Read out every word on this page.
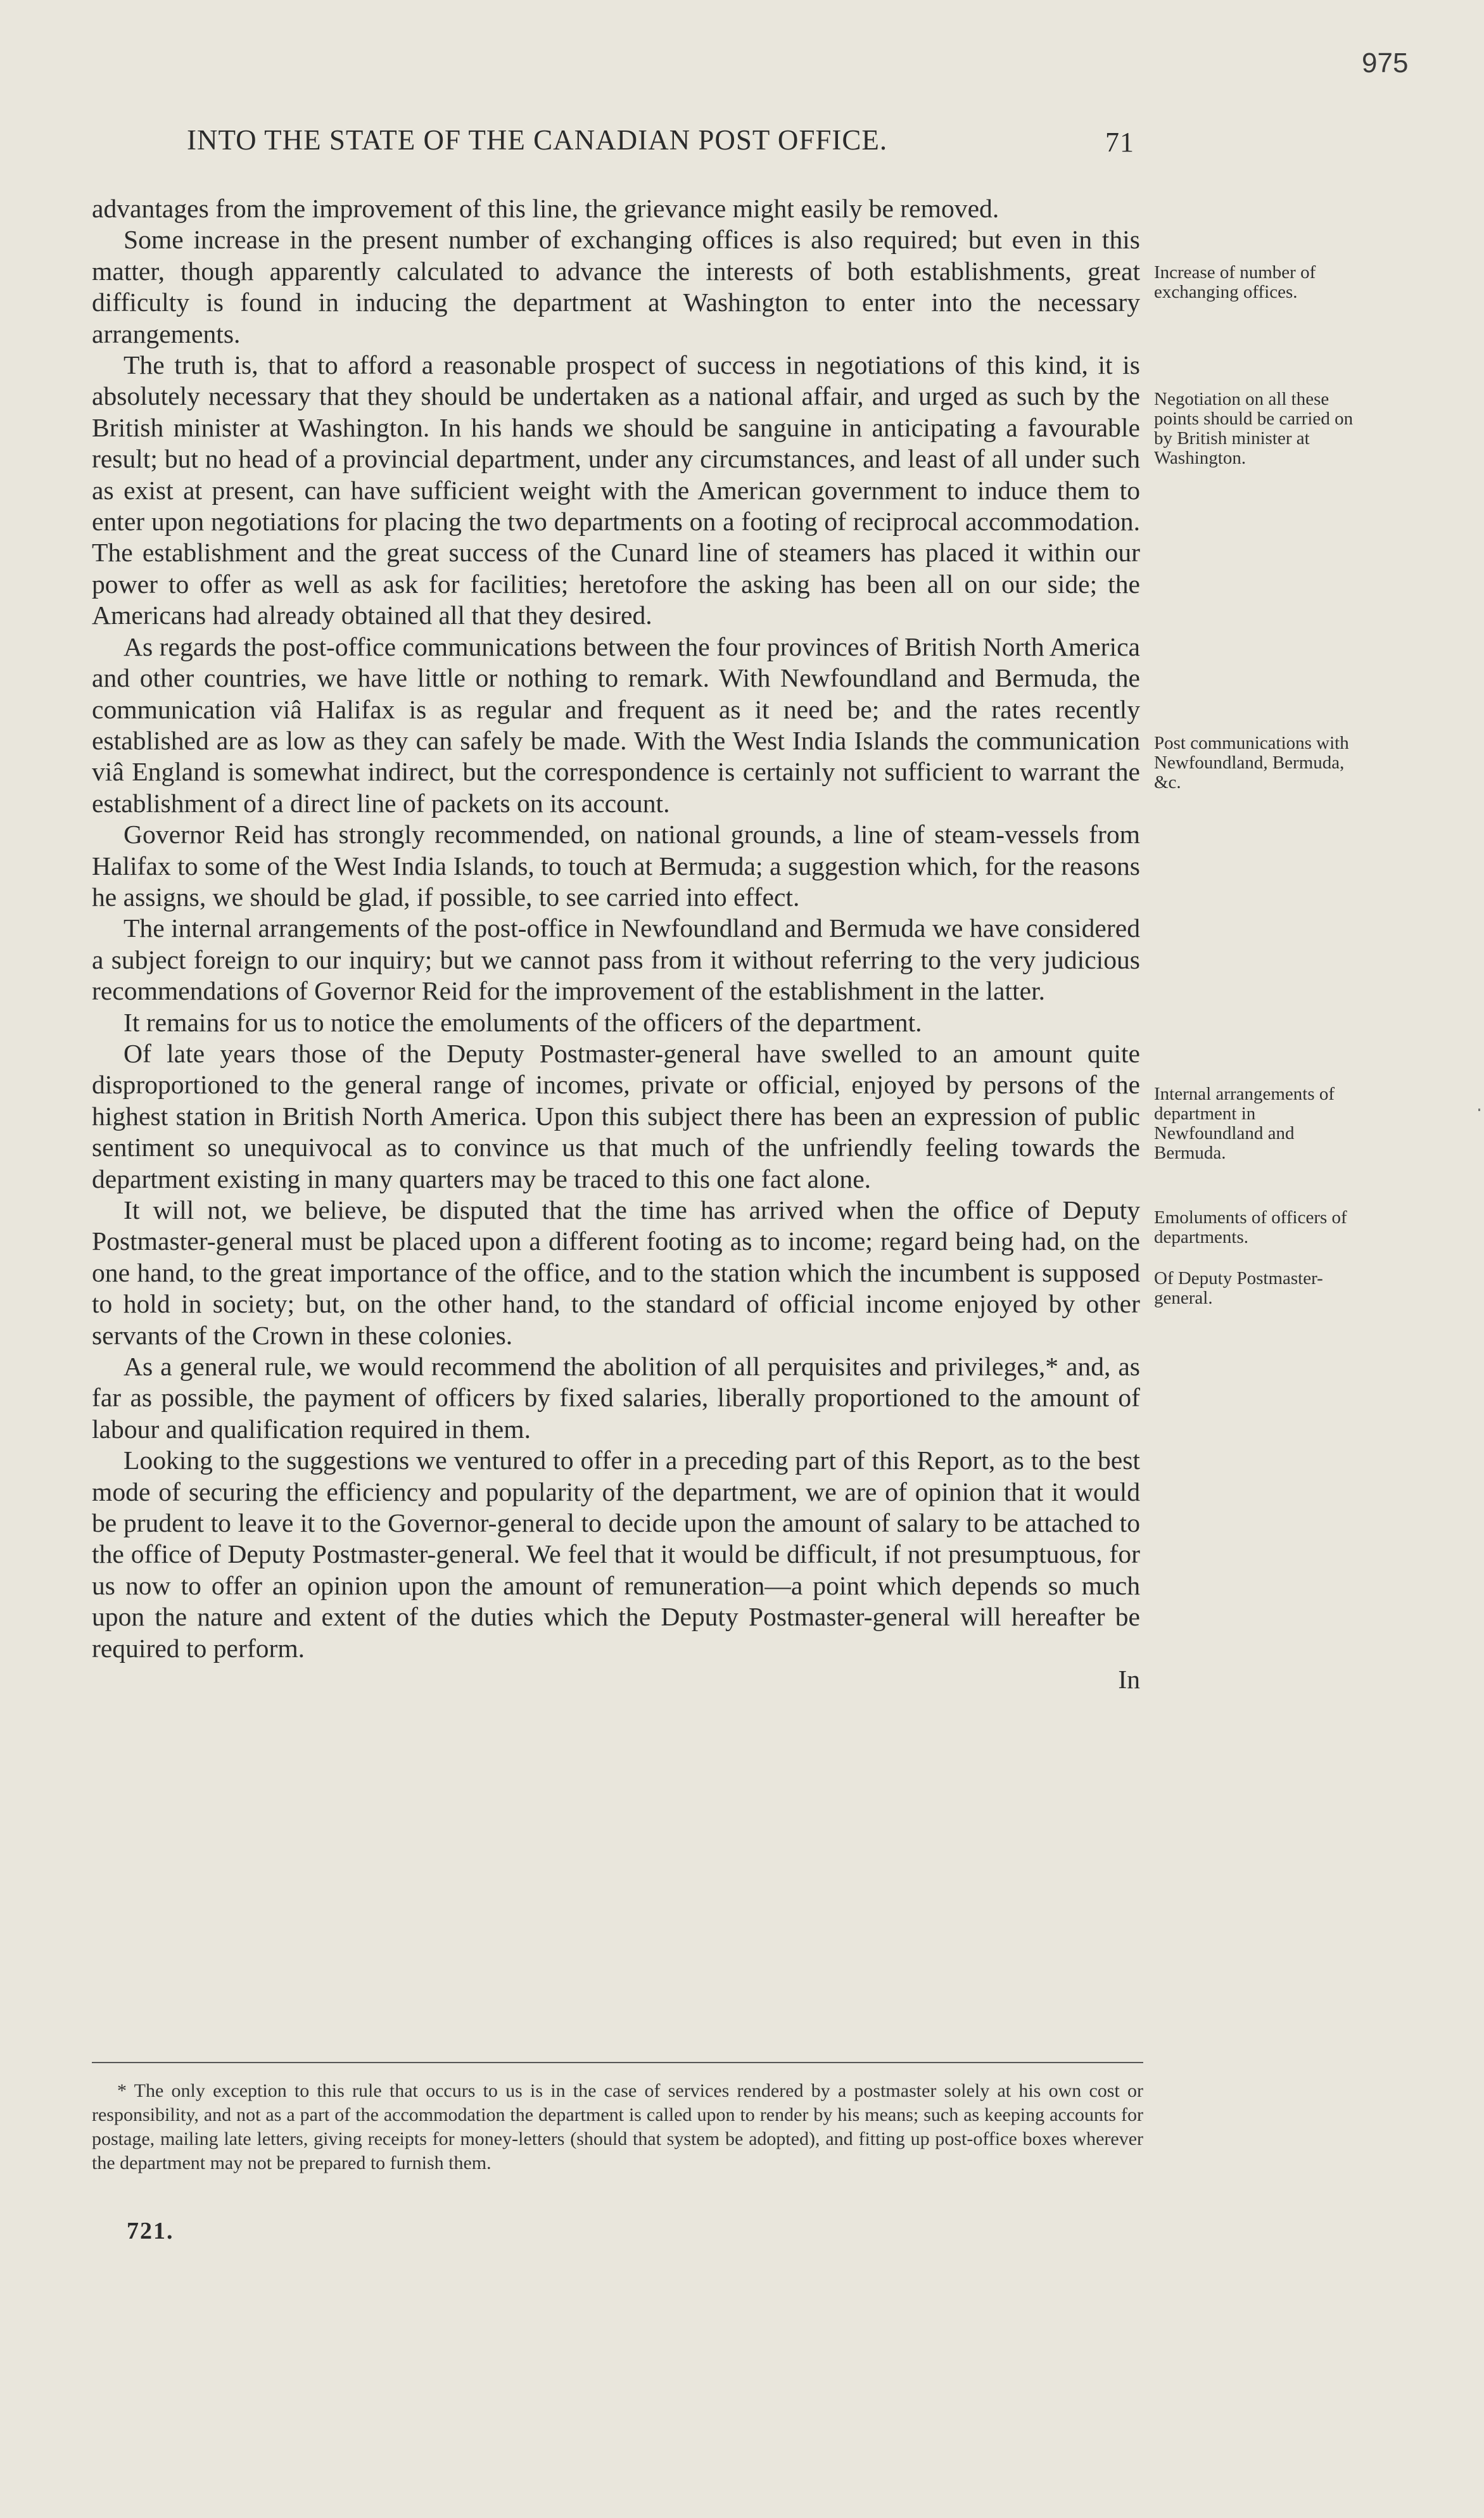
975
INTO THE STATE OF THE CANADIAN POST OFFICE.	71

advantages from the improvement of this line, the grievance might easily be removed.

Some increase in the present number of exchanging offices is also required; but even in this matter, though apparently calculated to advance the interests of both establishments, great difficulty is found in inducing the department at Washington to enter into the necessary arrangements.

The truth is, that to afford a reasonable prospect of success in negotiations of this kind, it is absolutely necessary that they should be undertaken as a national affair, and urged as such by the British minister at Washington. In his hands we should be sanguine in anticipating a favourable result; but no head of a provincial department, under any circumstances, and least of all under such as exist at present, can have sufficient weight with the American government to induce them to enter upon negotiations for placing the two departments on a footing of reciprocal accommodation. The establishment and the great success of the Cunard line of steamers has placed it within our power to offer as well as ask for facilities; heretofore the asking has been all on our side; the Americans had already obtained all that they desired.

As regards the post-office communications between the four provinces of British North America and other countries, we have little or nothing to remark. With Newfoundland and Bermuda, the communication viâ Halifax is as regular and frequent as it need be; and the rates recently established are as low as they can safely be made. With the West India Islands the communication viâ England is somewhat indirect, but the correspondence is certainly not sufficient to warrant the establishment of a direct line of packets on its account.

Governor Reid has strongly recommended, on national grounds, a line of steam-vessels from Halifax to some of the West India Islands, to touch at Bermuda; a suggestion which, for the reasons he assigns, we should be glad, if possible, to see carried into effect.

The internal arrangements of the post-office in Newfoundland and Bermuda we have considered a subject foreign to our inquiry; but we cannot pass from it without referring to the very judicious recommendations of Governor Reid for the improvement of the establishment in the latter.

It remains for us to notice the emoluments of the officers of the department.

Of late years those of the Deputy Postmaster-general have swelled to an amount quite disproportioned to the general range of incomes, private or official, enjoyed by persons of the highest station in British North America. Upon this subject there has been an expression of public sentiment so unequivocal as to convince us that much of the unfriendly feeling towards the department existing in many quarters may be traced to this one fact alone.

It will not, we believe, be disputed that the time has arrived when the office of Deputy Postmaster-general must be placed upon a different footing as to income; regard being had, on the one hand, to the great importance of the office, and to the station which the incumbent is supposed to hold in society; but, on the other hand, to the standard of official income enjoyed by other servants of the Crown in these colonies.

As a general rule, we would recommend the abolition of all perquisites and privileges,* and, as far as possible, the payment of officers by fixed salaries, liberally proportioned to the amount of labour and qualification required in them.

Looking to the suggestions we ventured to offer in a preceding part of this Report, as to the best mode of securing the efficiency and popularity of the department, we are of opinion that it would be prudent to leave it to the Governor-general to decide upon the amount of salary to be attached to the office of Deputy Postmaster-general. We feel that it would be difficult, if not presumptuous, for us now to offer an opinion upon the amount of remuneration—a point which depends so much upon the nature and extent of the duties which the Deputy Postmaster-general will hereafter be required to perform.

In

Increase of number of exchanging offices.
Negotiation on all these points should be carried on by British minister at Washington.
Post communications with Newfoundland, Bermuda, &c.
Internal arrangements of department in Newfoundland and Bermuda.
Emoluments of officers of departments.
Of Deputy Postmaster-general.

* The only exception to this rule that occurs to us is in the case of services rendered by a postmaster solely at his own cost or responsibility, and not as a part of the accommodation the department is called upon to render by his means; such as keeping accounts for postage, mailing late letters, giving receipts for money-letters (should that system be adopted), and fitting up post-office boxes wherever the department may not be prepared to furnish them.

721.
